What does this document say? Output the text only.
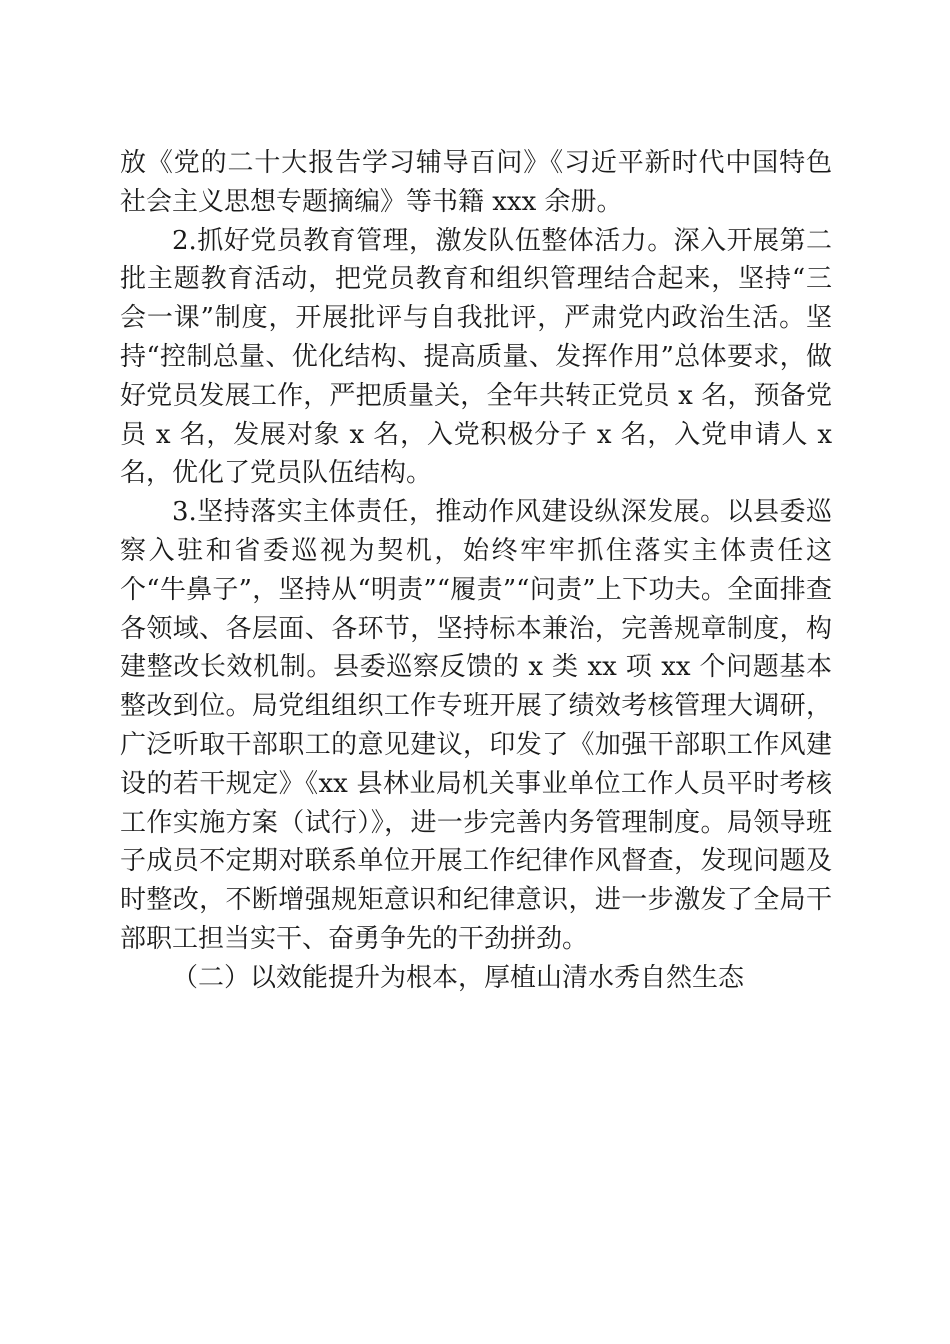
放《党的二十大报告学习辅导百问》《习近平新时代中国特色社会主义思想专题摘编》等书籍 xxx 余册。

2.抓好党员教育管理，激发队伍整体活力。深入开展第二批主题教育活动，把党员教育和组织管理结合起来，坚持“三会一课”制度，开展批评与自我批评，严肃党内政治生活。坚持“控制总量、优化结构、提高质量、发挥作用”总体要求，做好党员发展工作，严把质量关，全年共转正党员 x 名，预备党员 x 名，发展对象 x 名，入党积极分子 x 名，入党申请人 x 名，优化了党员队伍结构。

3.坚持落实主体责任，推动作风建设纵深发展。以县委巡察入驻和省委巡视为契机，始终牢牢抓住落实主体责任这个“牛鼻子”，坚持从“明责”“履责”“问责”上下功夫。全面排查各领域、各层面、各环节，坚持标本兼治，完善规章制度，构建整改长效机制。县委巡察反馈的 x 类 xx 项 xx 个问题基本整改到位。局党组组织工作专班开展了绩效考核管理大调研，广泛听取干部职工的意见建议，印发了《加强干部职工作风建设的若干规定》《xx 县林业局机关事业单位工作人员平时考核工作实施方案（试行）》，进一步完善内务管理制度。局领导班子成员不定期对联系单位开展工作纪律作风督查，发现问题及时整改，不断增强规矩意识和纪律意识，进一步激发了全局干部职工担当实干、奋勇争先的干劲拼劲。

（二）以效能提升为根本，厚植山清水秀自然生态
